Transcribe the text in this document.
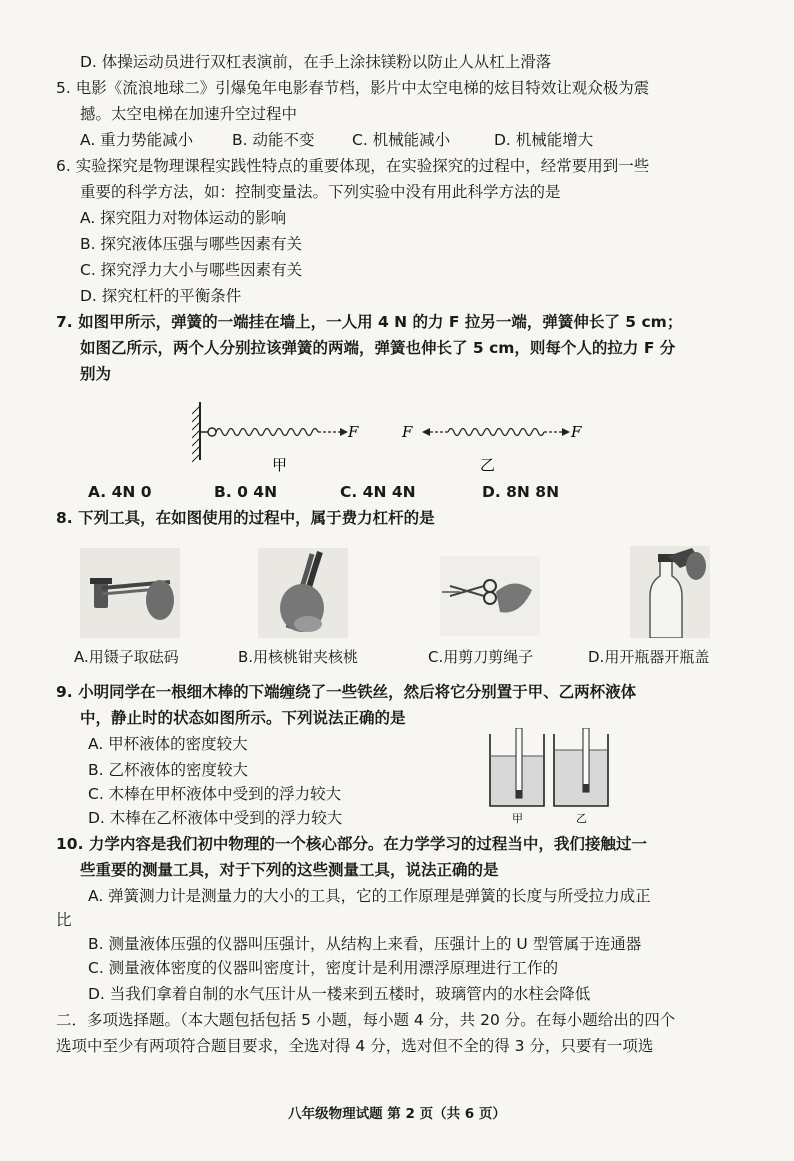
D. 体操运动员进行双杠表演前，在手上涂抹镁粉以防止人从杠上滑落
5. 电影《流浪地球二》引爆兔年电影春节档，影片中太空电梯的炫目特效让观众极为震
撼。太空电梯在加速升空过程中
A. 重力势能减小	B. 动能不变 C. 机械能减小	D. 机械能增大
6. 实验探究是物理课程实践性特点的重要体现，在实验探究的过程中，经常要用到一些
重要的科学方法，如：控制变量法。下列实验中没有用此科学方法的是
A. 探究阻力对物体运动的影响
B. 探究液体压强与哪些因素有关
C. 探究浮力大小与哪些因素有关
D. 探究杠杆的平衡条件
7. 如图甲所示，弹簧的一端挂在墙上，一人用 4 N 的力 F 拉另一端，弹簧伸长了 5 cm；
如图乙所示，两个人分别拉该弹簧的两端，弹簧也伸长了 5 cm，则每个人的拉力 F 分
别为
F	F	F
甲	乙
A. 4N 0	B. 0 4N	C. 4N 4N	D. 8N 8N
8. 下列工具，在如图使用的过程中，属于费力杠杆的是
A.用镊子取砝码	B.用核桃钳夹核桃	C.用剪刀剪绳子	D.用开瓶器开瓶盖
9. 小明同学在一根细木棒的下端缠绕了一些铁丝，然后将它分别置于甲、乙两杯液体
中，静止时的状态如图所示。下列说法正确的是
A. 甲杯液体的密度较大
B. 乙杯液体的密度较大
C. 木棒在甲杯液体中受到的浮力较大
D. 木棒在乙杯液体中受到的浮力较大	甲	乙
10. 力学内容是我们初中物理的一个核心部分。在力学学习的过程当中，我们接触过一
些重要的测量工具，对于下列的这些测量工具，说法正确的是
A. 弹簧测力计是测量力的大小的工具，它的工作原理是弹簧的长度与所受拉力成正
比
B. 测量液体压强的仪器叫压强计，从结构上来看，压强计上的 U 型管属于连通器
C. 测量液体密度的仪器叫密度计，密度计是利用漂浮原理进行工作的
D. 当我们拿着自制的水气压计从一楼来到五楼时，玻璃管内的水柱会降低
二．多项选择题。（本大题包括包括 5 小题，每小题 4 分，共 20 分。在每小题给出的四个
选项中至少有两项符合题目要求，全选对得 4 分，选对但不全的得 3 分，只要有一项选
八年级物理试题 第 2 页（共 6 页）
